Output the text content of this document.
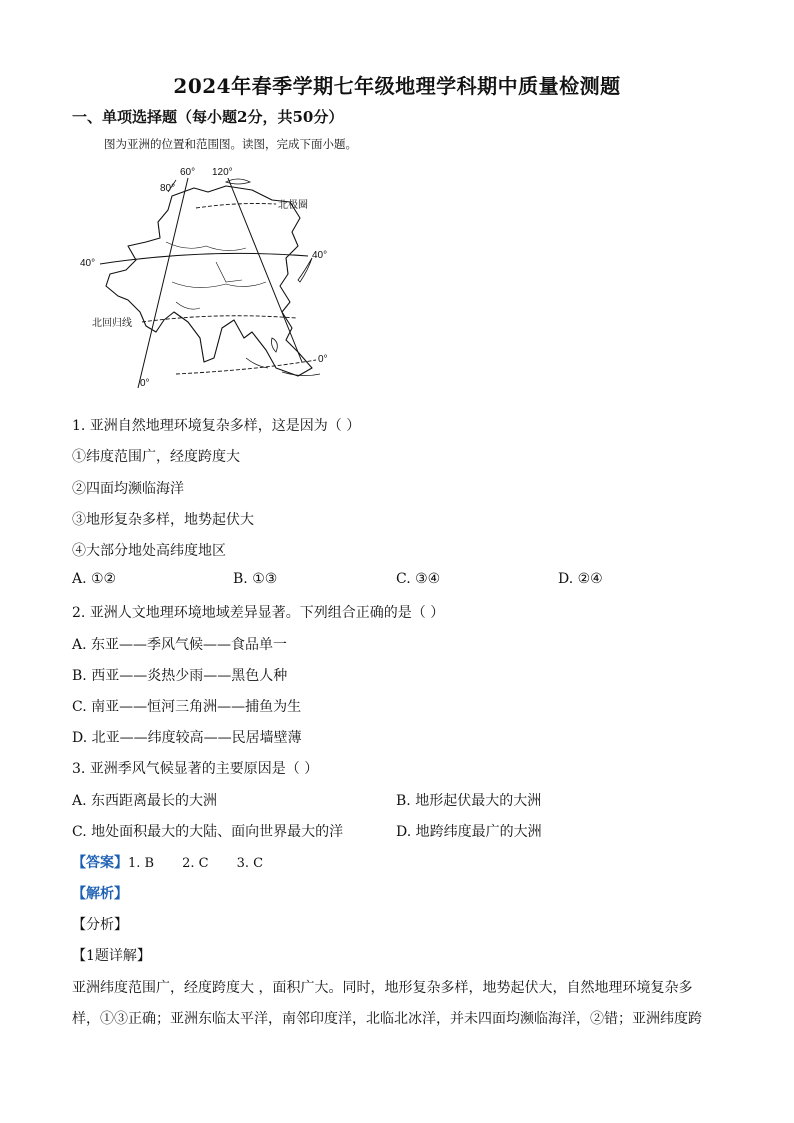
2024年春季学期七年级地理学科期中质量检测题
一、单项选择题（每小题2分，共50分）
图为亚洲的位置和范围图。读图，完成下面小题。
60° 120°
80°
40°
40°
0°
0°
北极圈
北回归线
1. 亚洲自然地理环境复杂多样，这是因为（ ）
①纬度范围广，经度跨度大
②四面均濒临海洋
③地形复杂多样，地势起伏大
④大部分地处高纬度地区
A. ①②	B. ①③	C. ③④	D. ②④
2. 亚洲人文地理环境地域差异显著。下列组合正确的是（ ）
A. 东亚——季风气候——食品单一
B. 西亚——炎热少雨——黑色人种
C. 南亚——恒河三角洲——捕鱼为生
D. 北亚——纬度较高——民居墙壁薄
3. 亚洲季风气候显著的主要原因是（ ）
A. 东西距离最长的大洲	B. 地形起伏最大的大洲
C. 地处面积最大的大陆、面向世界最大的洋	D. 地跨纬度最广的大洲
【答案】1. B 2. C 3. C
【解析】
【分析】
【1题详解】
亚洲纬度范围广，经度跨度大 ，面积广大。同时，地形复杂多样，地势起伏大，自然地理环境复杂多
样，①③正确；亚洲东临太平洋，南邻印度洋，北临北冰洋，并未四面均濒临海洋，②错；亚洲纬度跨
